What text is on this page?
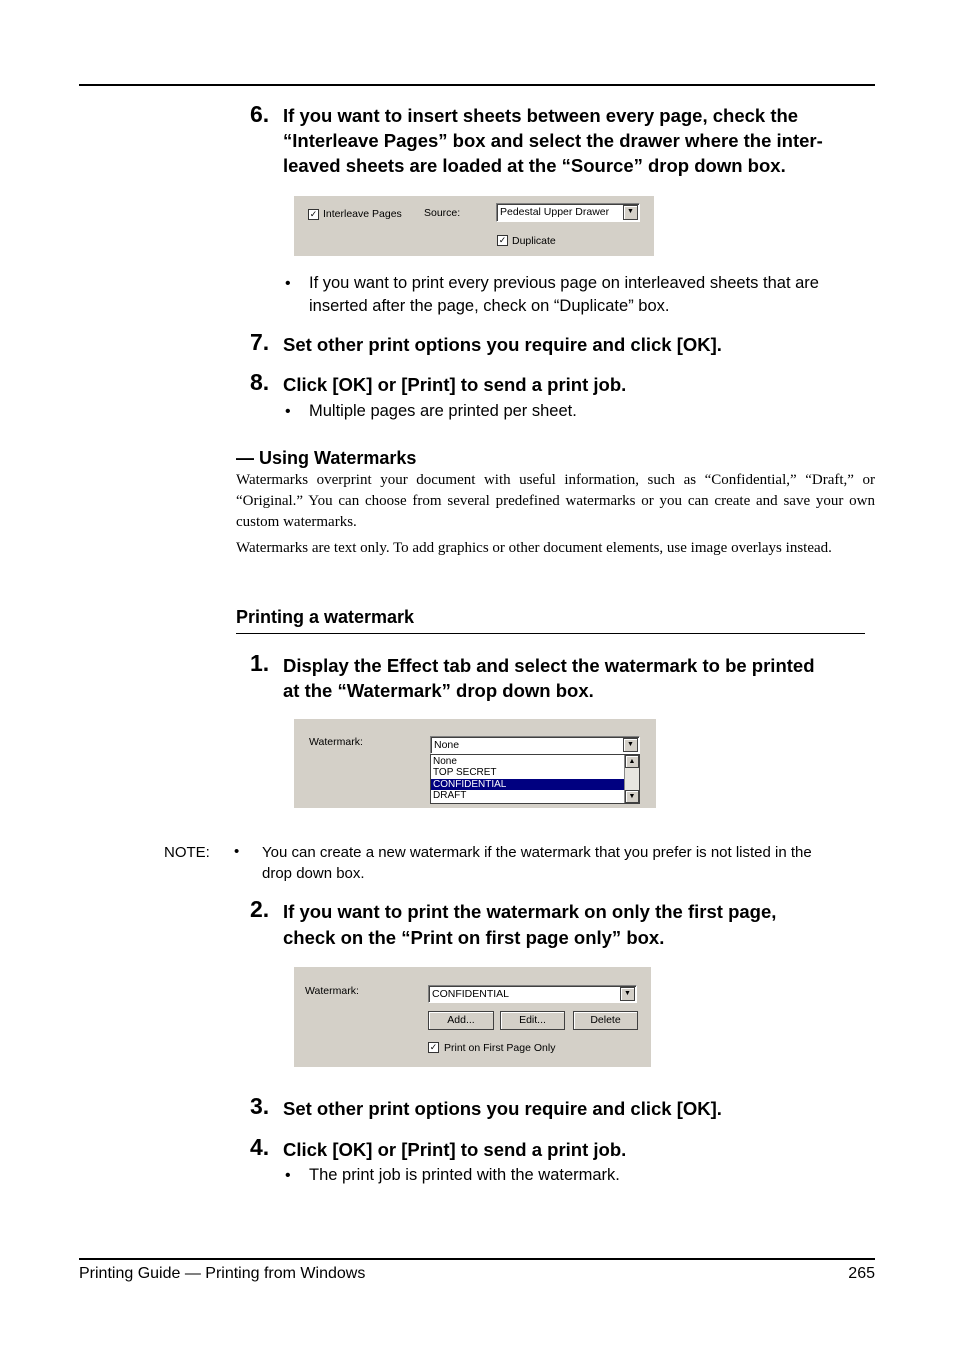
6. If you want to insert sheets between every page, check the
“Interleave Pages” box and select the drawer where the inter-
leaved sheets are loaded at the “Source” drop down box.
✓ Interleave Pages Source:	Pedestal Upper Drawer	▼
✓ Duplicate
• If you want to print every previous page on interleaved sheets that are
inserted after the page, check on “Duplicate” box.
7. Set other print options you require and click [OK].
8. Click [OK] or [Print] to send a print job.
• Multiple pages are printed per sheet.
— Using Watermarks
Watermarks overprint your document with useful information, such as “Confidential,” “Draft,” or “Original.” You can choose from several predefined watermarks or you can create and save your own custom watermarks.
Watermarks are text only. To add graphics or other document elements, use image overlays instead.
Printing a watermark
1. Display the Effect tab and select the watermark to be printed
at the “Watermark” drop down box.
Watermark:	None	▼
None
TOP SECRET
CONFIDENTIAL
DRAFT
▲
▼
NOTE: • You can create a new watermark if the watermark that you prefer is not listed in the
drop down box.
2. If you want to print the watermark on only the first page,
check on the “Print on first page only” box.
Watermark:	CONFIDENTIAL	▼
Add...	Edit...	Delete
✓ Print on First Page Only
3. Set other print options you require and click [OK].
4. Click [OK] or [Print] to send a print job.
• The print job is printed with the watermark.
Printing Guide — Printing from Windows	265
